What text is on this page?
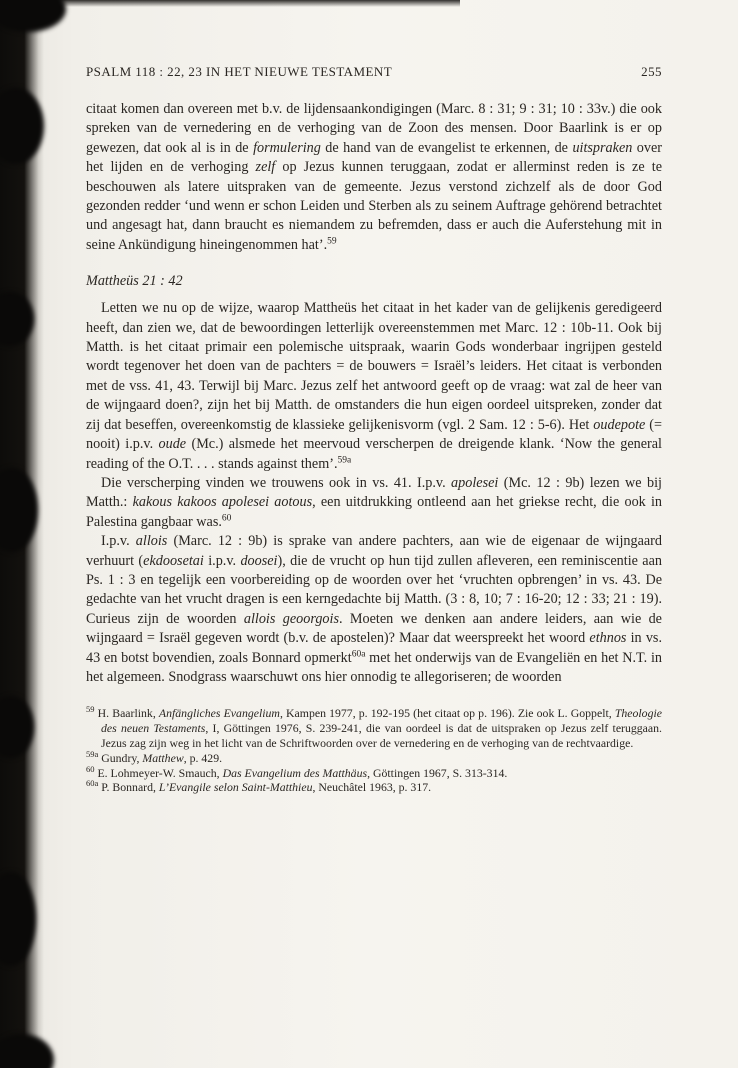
PSALM 118 : 22, 23 IN HET NIEUWE TESTAMENT	255

citaat komen dan overeen met b.v. de lijdensaankondigingen (Marc. 8 : 31; 9 : 31; 10 : 33v.) die ook spreken van de vernedering en de verhoging van de Zoon des mensen. Door Baarlink is er op gewezen, dat ook al is in de formulering de hand van de evangelist te erkennen, de uitspraken over het lijden en de verhoging zelf op Jezus kunnen teruggaan, zodat er allerminst reden is ze te beschouwen als latere uitspraken van de gemeente. Jezus verstond zichzelf als de door God gezonden redder ‘und wenn er schon Leiden und Sterben als zu seinem Auftrage gehörend betrachtet und angesagt hat, dann braucht es niemandem zu befremden, dass er auch die Auferstehung mit in seine Ankündigung hineingenommen hat’.$^{59}$

Mattheüs 21 : 42

Letten we nu op de wijze, waarop Mattheüs het citaat in het kader van de gelijkenis geredigeerd heeft, dan zien we, dat de bewoordingen letterlijk overeenstemmen met Marc. 12 : 10b-11. Ook bij Matth. is het citaat primair een polemische uitspraak, waarin Gods wonderbaar ingrijpen gesteld wordt tegenover het doen van de pachters = de bouwers = Israël’s leiders. Het citaat is verbonden met de vss. 41, 43. Terwijl bij Marc. Jezus zelf het antwoord geeft op de vraag: wat zal de heer van de wijngaard doen?, zijn het bij Matth. de omstanders die hun eigen oordeel uitspreken, zonder dat zij dat beseffen, overeenkomstig de klassieke gelijkenisvorm (vgl. 2 Sam. 12 : 5-6). Het oudepote (= nooit) i.p.v. oude (Mc.) alsmede het meervoud verscherpen de dreigende klank. ‘Now the general reading of the O.T. . . . stands against them’.$^{59a}$

Die verscherping vinden we trouwens ook in vs. 41. I.p.v. apolesei (Mc. 12 : 9b) lezen we bij Matth.: kakous kakoos apolesei aotous, een uitdrukking ontleend aan het griekse recht, die ook in Palestina gangbaar was.$^{60}$

I.p.v. allois (Marc. 12 : 9b) is sprake van andere pachters, aan wie de eigenaar de wijngaard verhuurt (ekdoosetai i.p.v. doosei), die de vrucht op hun tijd zullen afleveren, een reminiscentie aan Ps. 1 : 3 en tegelijk een voorbereiding op de woorden over het ‘vruchten opbrengen’ in vs. 43. De gedachte van het vrucht dragen is een kerngedachte bij Matth. (3 : 8, 10; 7 : 16-20; 12 : 33; 21 : 19). Curieus zijn de woorden allois geoorgois. Moeten we denken aan andere leiders, aan wie de wijngaard = Israël gegeven wordt (b.v. de apostelen)? Maar dat weerspreekt het woord ethnos in vs. 43 en botst bovendien, zoals Bonnard opmerkt$^{60a}$ met het onderwijs van de Evangeliën en het N.T. in het algemeen. Snodgrass waarschuwt ons hier onnodig te allegoriseren; de woorden

$^{59}$ H. Baarlink, Anfängliches Evangelium, Kampen 1977, p. 192-195 (het citaat op p. 196). Zie ook L. Goppelt, Theologie des neuen Testaments, I, Göttingen 1976, S. 239-241, die van oordeel is dat de uitspraken op Jezus zelf teruggaan. Jezus zag zijn weg in het licht van de Schriftwoorden over de vernedering en de verhoging van de rechtvaardige.

$^{59a}$ Gundry, Matthew, p. 429.

$^{60}$ E. Lohmeyer-W. Smauch, Das Evangelium des Matthäus, Göttingen 1967, S. 313-314.

$^{60a}$ P. Bonnard, L’Evangile selon Saint-Matthieu, Neuchâtel 1963, p. 317.
